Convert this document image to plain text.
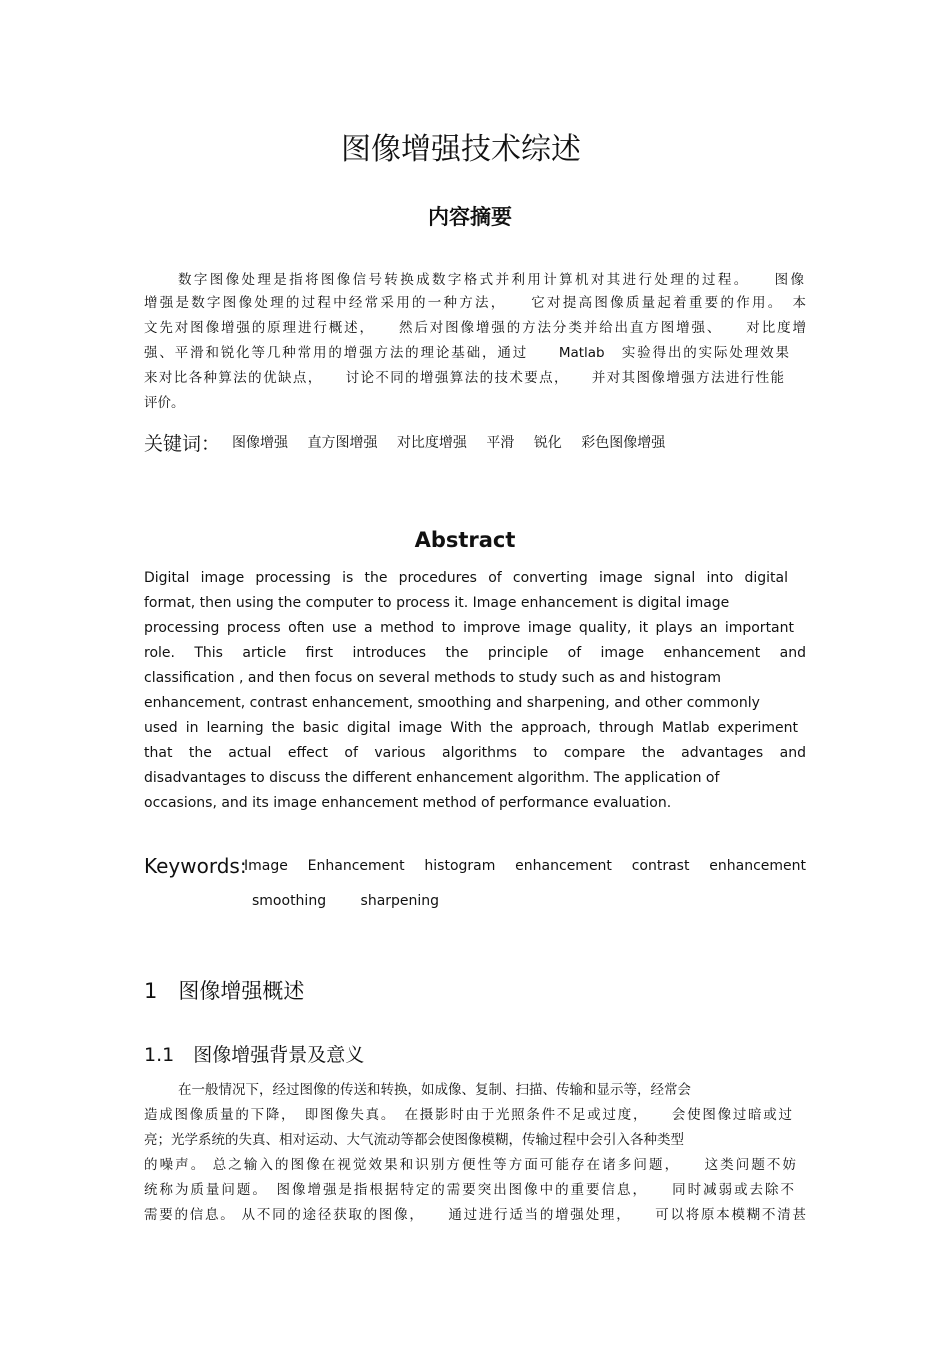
图像增强技术综述
内容摘要
数字图像处理是指将图像信号转换成数字格式并利用计算机对其进行处理的过程。　　图像
增强是数字图像处理的过程中经常采用的一种方法，　　它对提高图像质量起着重要的作用。　本
文先对图像增强的原理进行概述，　　然后对图像增强的方法分类并给出直方图增强、　　对比度增
强、平滑和锐化等几种常用的增强方法的理论基础，通过　　Matlab　实验得出的实际处理效果
来对比各种算法的优缺点，　　讨论不同的增强算法的技术要点，　　并对其图像增强方法进行性能
评价。
关键词： 图像增强 直方图增强 对比度增强 平滑 锐化 彩色图像增强
Abstract
Digital image processing is the procedures of converting image signal into digital
format, then using the computer to process it. Image enhancement is digital image
processing process often use a method to improve image quality, it plays an important
role. This article first introduces the principle of image enhancement and
classification , and then focus on several methods to study such as and histogram
enhancement, contrast enhancement, smoothing and sharpening, and other commonly
used in learning the basic digital image With the approach, through Matlab experiment
that the actual effect of various algorithms to compare the advantages and
disadvantages to discuss the different enhancement algorithm. The application of
occasions, and its image enhancement method of performance evaluation.
Keywords:
Image Enhancement histogram enhancement contrast enhancement
smoothing sharpening
1　图像增强概述
1.1　图像增强背景及意义
在一般情况下，经过图像的传送和转换，如成像、复制、扫描、传输和显示等，经常会
造成图像质量的下降，　即图像失真。　在摄影时由于光照条件不足或过度，　　会使图像过暗或过
亮；光学系统的失真、相对运动、大气流动等都会使图像模糊，传输过程中会引入各种类型
的噪声。 总之输入的图像在视觉效果和识别方便性等方面可能存在诸多问题，　　这类问题不妨
统称为质量问题。　图像增强是指根据特定的需要突出图像中的重要信息，　　同时减弱或去除不
需要的信息。 从不同的途径获取的图像，　　通过进行适当的增强处理，　　可以将原本模糊不清甚
